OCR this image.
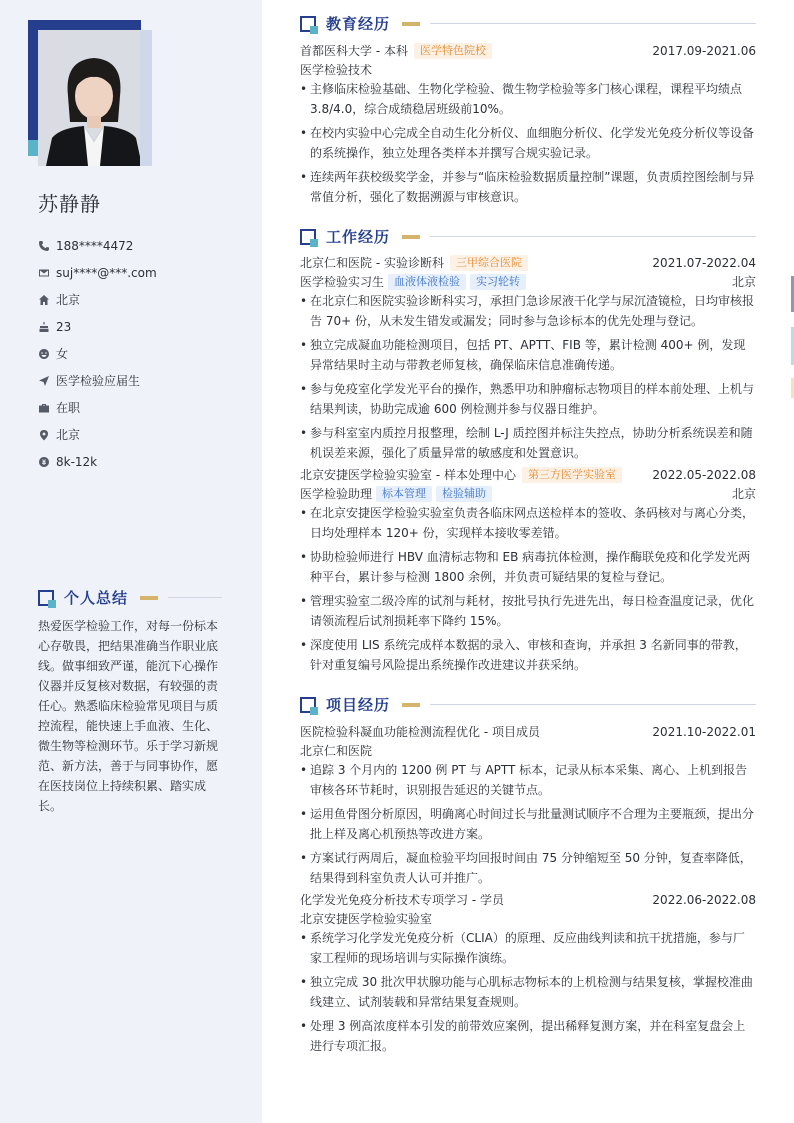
苏静静
188****4472
suj****@***.com
北京
23
女
医学检验应届生
在职
北京
8k-12k
个人总结
热爱医学检验工作，对每一份标本心存敬畏，把结果准确当作职业底线。做事细致严谨，能沉下心操作仪器并反复核对数据，有较强的责任心。熟悉临床检验常见项目与质控流程，能快速上手血液、生化、微生物等检测环节。乐于学习新规范、新方法，善于与同事协作，愿在医技岗位上持续积累、踏实成长。
教育经历
首都医科大学 - 本科	医学特色院校	2017.09-2021.06
医学检验技术
• 主修临床检验基础、生物化学检验、微生物学检验等多门核心课程，课程平均绩点3.8/4.0，综合成绩稳居班级前10%。
• 在校内实验中心完成全自动生化分析仪、血细胞分析仪、化学发光免疫分析仪等设备的系统操作，独立处理各类样本并撰写合规实验记录。
• 连续两年获校级奖学金，并参与“临床检验数据质量控制”课题，负责质控图绘制与异常值分析，强化了数据溯源与审核意识。
工作经历
北京仁和医院 - 实验诊断科	三甲综合医院	2021.07-2022.04
医学检验实习生 血液体液检验	实习轮转	北京
• 在北京仁和医院实验诊断科实习，承担门急诊尿液干化学与尿沉渣镜检，日均审核报告 70+ 份，从未发生错发或漏发；同时参与急诊标本的优先处理与登记。
• 独立完成凝血功能检测项目，包括 PT、APTT、FIB 等，累计检测 400+ 例，发现异常结果时主动与带教老师复核，确保临床信息准确传递。
• 参与免疫室化学发光平台的操作，熟悉甲功和肿瘤标志物项目的样本前处理、上机与结果判读，协助完成逾 600 例检测并参与仪器日维护。
• 参与科室室内质控月报整理，绘制 L-J 质控图并标注失控点，协助分析系统误差和随机误差来源，强化了质量异常的敏感度和处置意识。
北京安捷医学检验实验室 - 样本处理中心	第三方医学实验室	2022.05-2022.08
医学检验助理 标本管理	检验辅助	北京
• 在北京安捷医学检验实验室负责各临床网点送检样本的签收、条码核对与离心分类，日均处理样本 120+ 份，实现样本接收零差错。
• 协助检验师进行 HBV 血清标志物和 EB 病毒抗体检测，操作酶联免疫和化学发光两种平台，累计参与检测 1800 余例，并负责可疑结果的复检与登记。
• 管理实验室二级冷库的试剂与耗材，按批号执行先进先出，每日检查温度记录，优化请领流程后试剂损耗率下降约 15%。
• 深度使用 LIS 系统完成样本数据的录入、审核和查询，并承担 3 名新同事的带教，针对重复编号风险提出系统操作改进建议并获采纳。
项目经历
医院检验科凝血功能检测流程优化 - 项目成员	2021.10-2022.01
北京仁和医院
• 追踪 3 个月内的 1200 例 PT 与 APTT 标本，记录从标本采集、离心、上机到报告审核各环节耗时，识别报告延迟的关键节点。
• 运用鱼骨图分析原因，明确离心时间过长与批量测试顺序不合理为主要瓶颈，提出分批上样及离心机预热等改进方案。
• 方案试行两周后，凝血检验平均回报时间由 75 分钟缩短至 50 分钟，复查率降低，结果得到科室负责人认可并推广。
化学发光免疫分析技术专项学习 - 学员	2022.06-2022.08
北京安捷医学检验实验室
• 系统学习化学发光免疫分析（CLIA）的原理、反应曲线判读和抗干扰措施，参与厂家工程师的现场培训与实际操作演练。
• 独立完成 30 批次甲状腺功能与心肌标志物标本的上机检测与结果复核，掌握校准曲线建立、试剂装载和异常结果复查规则。
• 处理 3 例高浓度样本引发的前带效应案例，提出稀释复测方案，并在科室复盘会上进行专项汇报。
